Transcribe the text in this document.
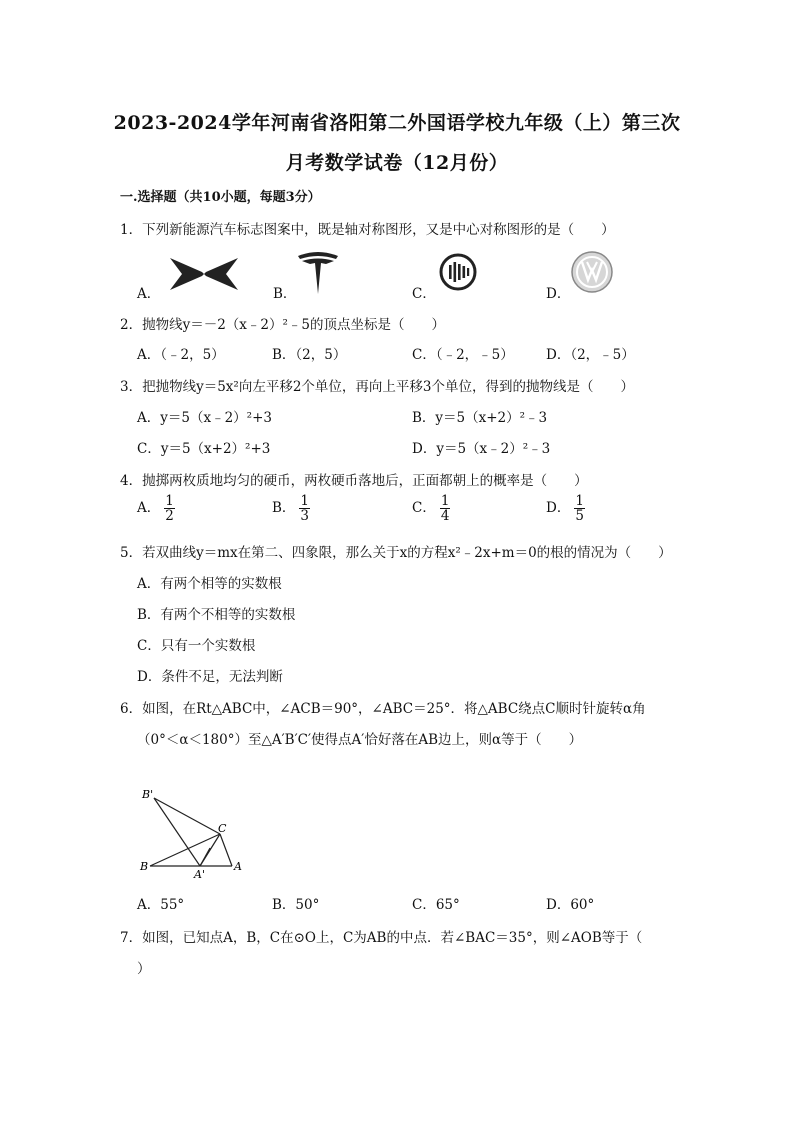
2023-2024学年河南省洛阳第二外国语学校九年级（上）第三次
月考数学试卷（12月份）
一.选择题（共10小题，每题3分）
1．下列新能源汽车标志图案中，既是轴对称图形，又是中心对称图形的是（　　）
A．	B．	C．	D．
2．抛物线y＝－2（x﹣2）²﹣5的顶点坐标是（　　）
A．（﹣2，5）	B．（2，5）	C．（﹣2，﹣5） D．（2，﹣5）
3．把抛物线y＝5x²向左平移2个单位，再向上平移3个单位，得到的抛物线是（　　）
A．y＝5（x﹣2）²+3	B．y＝5（x+2）²﹣3
C．y＝5（x+2）²+3	D．y＝5（x﹣2）²﹣3
4．抛掷两枚质地均匀的硬币，两枚硬币落地后，正面都朝上的概率是（　　）
A． $\frac{1}{2}$	B． $\frac{1}{3}$	C． $\frac{1}{4}$	D． $\frac{1}{5}$
5．若双曲线y＝mx在第二、四象限，那么关于x的方程x²﹣2x+m＝0的根的情况为（　　）
A．有两个相等的实数根
B．有两个不相等的实数根
C．只有一个实数根
D．条件不足，无法判断
6．如图，在Rt△ABC中，∠ACB＝90°，∠ABC＝25°．将△ABC绕点C顺时针旋转α角
（0°＜α＜180°）至△A′B′C′使得点A′恰好落在AB边上，则α等于（　　）
B'
C
B
A'
A
A．55°	B．50°	C．65°	D．60°
7．如图，已知点A，B，C在⊙O上，C为AB的中点．若∠BAC＝35°，则∠AOB等于（
）
